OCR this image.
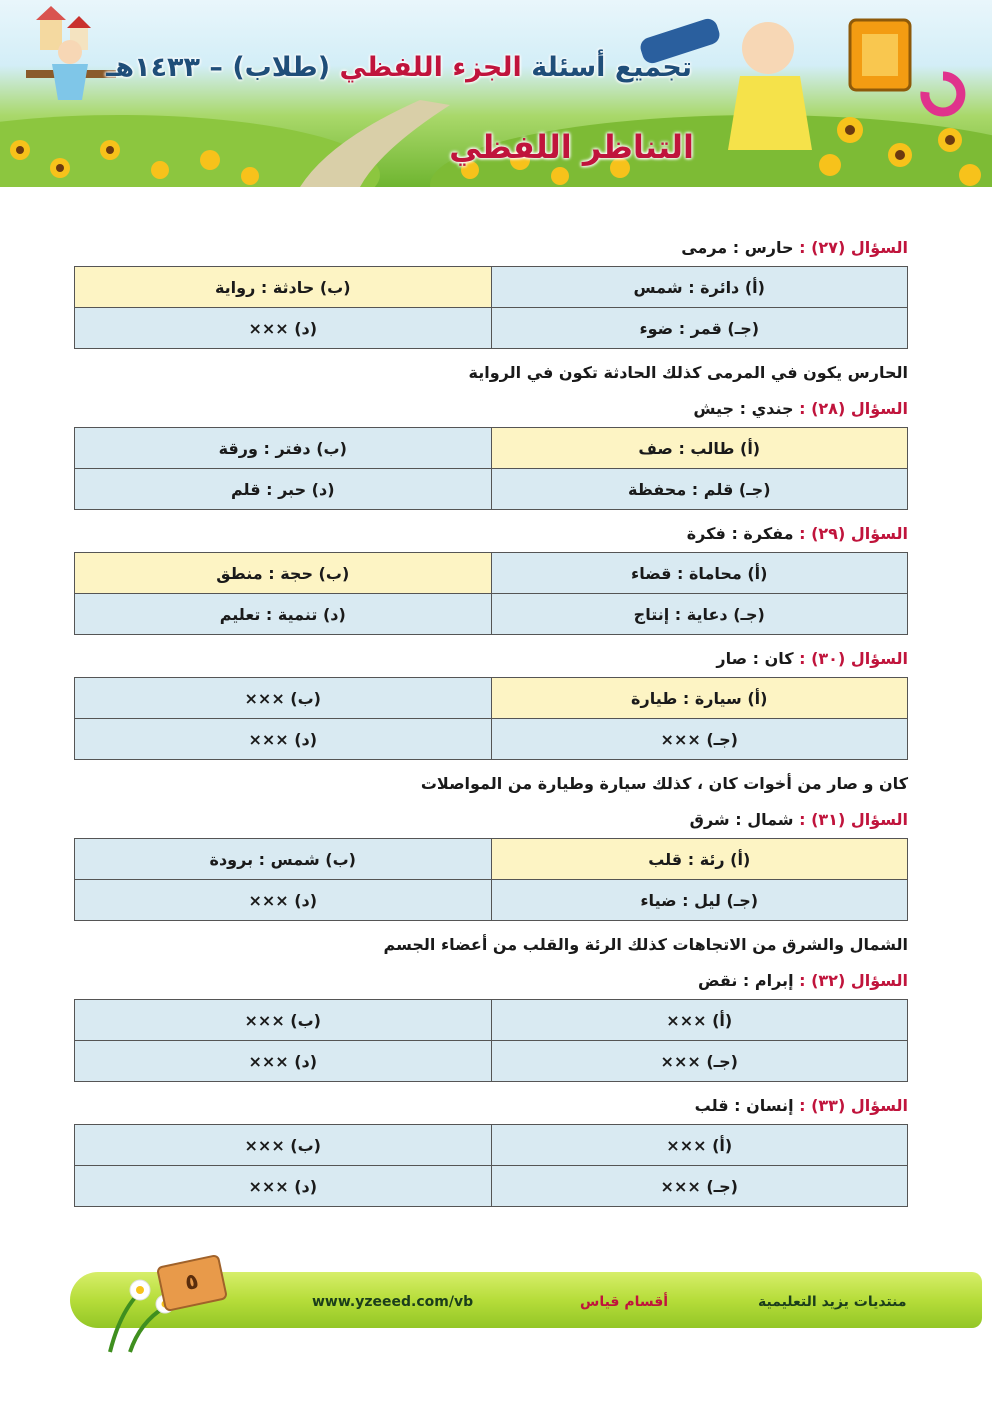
تجميع أسئلة الجزء اللفظي (طلاب) – ١٤٣٣هـ
التناظر اللفظي

السؤال (٢٧) : حارس : مرمى

(أ) دائرة : شمس	(ب) حادثة : رواية
(جـ) قمر : ضوء	(د) ×××

الحارس يكون في المرمى كذلك الحادثة تكون في الرواية

السؤال (٢٨) : جندي : جيش

(أ) طالب : صف	(ب) دفتر : ورقة
(جـ) قلم : محفظة	(د) حبر : قلم

السؤال (٢٩) : مفكرة : فكرة

(أ) محاماة : قضاء	(ب) حجة : منطق
(جـ) دعاية : إنتاج	(د) تنمية : تعليم

السؤال (٣٠) : كان : صار

(أ) سيارة : طيارة	(ب) ×××
(جـ) ×××	(د) ×××

كان و صار من أخوات كان ، كذلك سيارة وطيارة من المواصلات

السؤال (٣١) : شمال : شرق

(أ) رئة : قلب	(ب) شمس : برودة
(جـ) ليل : ضياء	(د) ×××

الشمال والشرق من الاتجاهات كذلك الرئة والقلب من أعضاء الجسم

السؤال (٣٢) : إبرام : نقض

(أ) ×××	(ب) ×××
(جـ) ×××	(د) ×××

السؤال (٣٣) : إنسان : قلب

(أ) ×××	(ب) ×××
(جـ) ×××	(د) ×××
٥
www.yzeeed.com/vb	أقسام قياس	منتديات يزيد التعليمية
